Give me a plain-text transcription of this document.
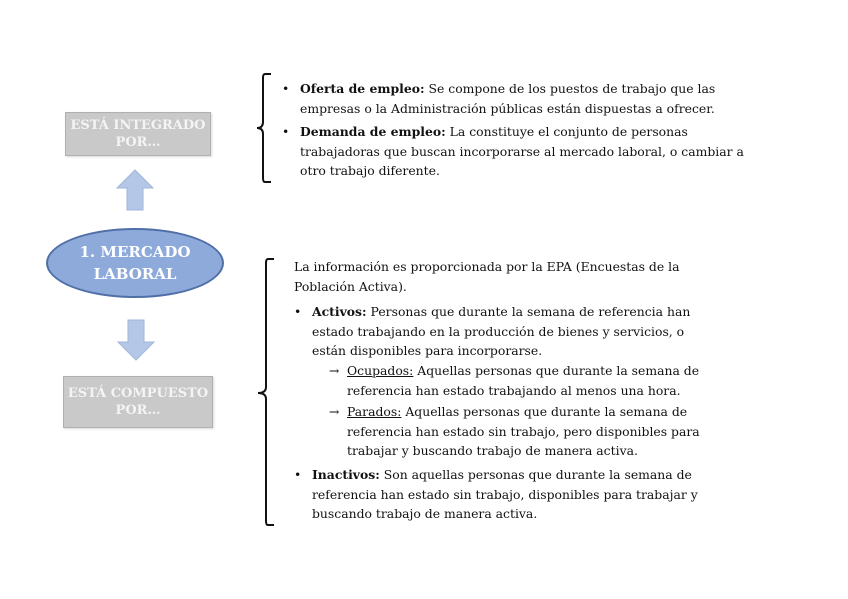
ESTÁ INTEGRADO
POR…
1. MERCADO
LABORAL
ESTÁ COMPUESTO
POR…
• Oferta de empleo: Se compone de los puestos de trabajo que las empresas o la Administración públicas están dispuestas a ofrecer.
• Demanda de empleo: La constituye el conjunto de personas trabajadoras que buscan incorporarse al mercado laboral, o cambiar a otro trabajo diferente.
La información es proporcionada por la EPA (Encuestas de la Población Activa).
• Activos: Personas que durante la semana de referencia han estado trabajando en la producción de bienes y servicios, o están disponibles para incorporarse.
→ Ocupados: Aquellas personas que durante la semana de referencia han estado trabajando al menos una hora.
→ Parados: Aquellas personas que durante la semana de referencia han estado sin trabajo, pero disponibles para trabajar y buscando trabajo de manera activa.
• Inactivos: Son aquellas personas que durante la semana de referencia han estado sin trabajo, disponibles para trabajar y buscando trabajo de manera activa.
